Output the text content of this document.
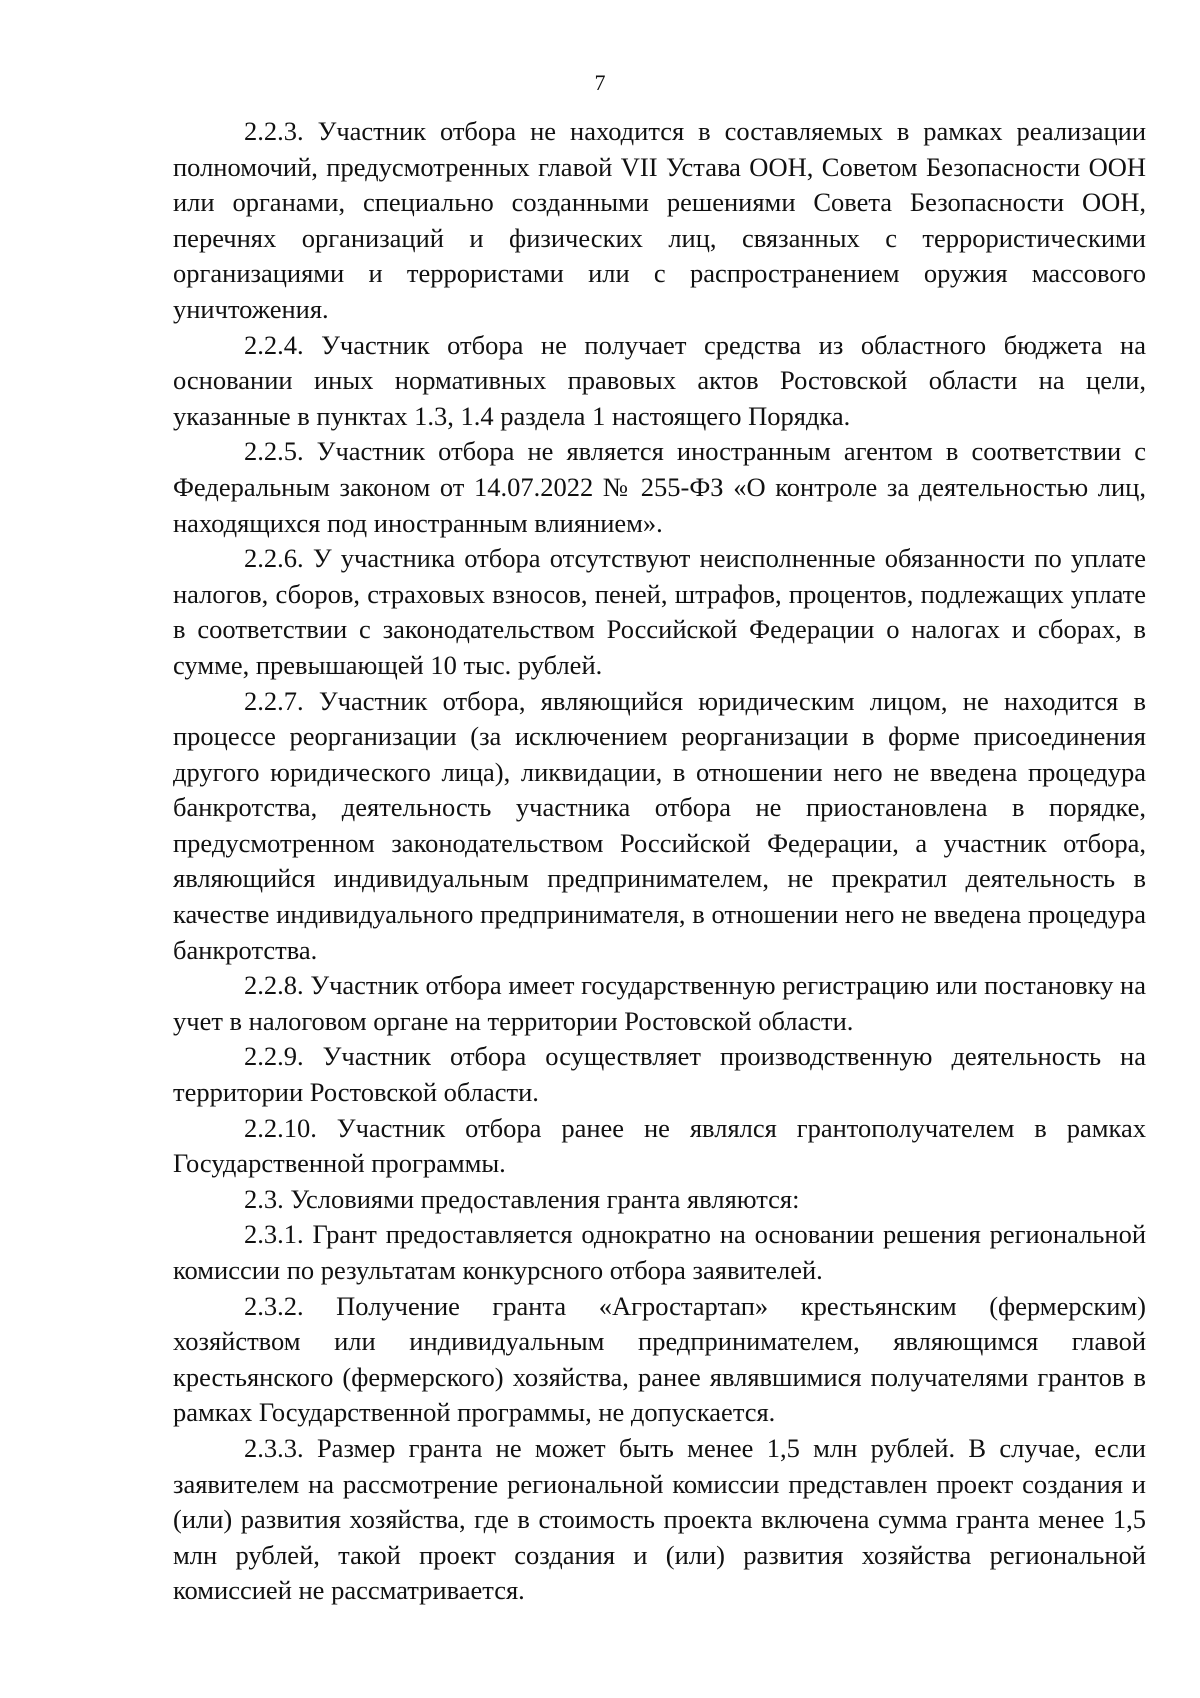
7

2.2.3. Участник отбора не находится в составляемых в рамках реализации полномочий, предусмотренных главой VII Устава ООН, Советом Безопасности ООН или органами, специально созданными решениями Совета Безопасности ООН, перечнях организаций и физических лиц, связанных с террористическими организациями и террористами или с распространением оружия массового уничтожения.

2.2.4. Участник отбора не получает средства из областного бюджета на основании иных нормативных правовых актов Ростовской области на цели, указанные в пунктах 1.3, 1.4 раздела 1 настоящего Порядка.

2.2.5. Участник отбора не является иностранным агентом в соответствии с Федеральным законом от 14.07.2022 № 255-ФЗ «О контроле за деятельностью лиц, находящихся под иностранным влиянием».

2.2.6. У участника отбора отсутствуют неисполненные обязанности по уплате налогов, сборов, страховых взносов, пеней, штрафов, процентов, подлежащих уплате в соответствии с законодательством Российской Федерации о налогах и сборах, в сумме, превышающей 10 тыс. рублей.

2.2.7. Участник отбора, являющийся юридическим лицом, не находится в процессе реорганизации (за исключением реорганизации в форме присоединения другого юридического лица), ликвидации, в отношении него не введена процедура банкротства, деятельность участника отбора не приостановлена в порядке, предусмотренном законодательством Российской Федерации, а участник отбора, являющийся индивидуальным предпринимателем, не прекратил деятельность в качестве индивидуального предпринимателя, в отношении него не введена процедура банкротства.

2.2.8. Участник отбора имеет государственную регистрацию или постановку на учет в налоговом органе на территории Ростовской области.

2.2.9. Участник отбора осуществляет производственную деятельность на территории Ростовской области.

2.2.10. Участник отбора ранее не являлся грантополучателем в рамках Государственной программы.

2.3. Условиями предоставления гранта являются:

2.3.1. Грант предоставляется однократно на основании решения региональной комиссии по результатам конкурсного отбора заявителей.

2.3.2. Получение гранта «Агростартап» крестьянским (фермерским) хозяйством или индивидуальным предпринимателем, являющимся главой крестьянского (фермерского) хозяйства, ранее являвшимися получателями грантов в рамках Государственной программы, не допускается.

2.3.3. Размер гранта не может быть менее 1,5 млн рублей. В случае, если заявителем на рассмотрение региональной комиссии представлен проект создания и (или) развития хозяйства, где в стоимость проекта включена сумма гранта менее 1,5 млн рублей, такой проект создания и (или) развития хозяйства региональной комиссией не рассматривается.
